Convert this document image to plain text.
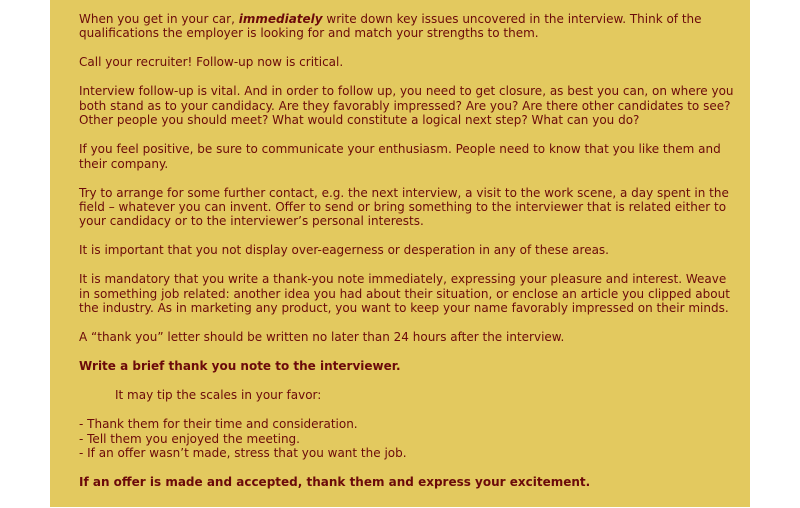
When you get in your car, immediately write down key issues uncovered in the interview. Think of the qualifications the employer is looking for and match your strengths to them.

Call your recruiter! Follow-up now is critical.

Interview follow-up is vital. And in order to follow up, you need to get closure, as best you can, on where you both stand as to your candidacy. Are they favorably impressed? Are you? Are there other candidates to see? Other people you should meet? What would constitute a logical next step? What can you do?

If you feel positive, be sure to communicate your enthusiasm. People need to know that you like them and their company.

Try to arrange for some further contact, e.g. the next interview, a visit to the work scene, a day spent in the field – whatever you can invent. Offer to send or bring something to the interviewer that is related either to your candidacy or to the interviewer’s personal interests.

It is important that you not display over-eagerness or desperation in any of these areas.

It is mandatory that you write a thank-you note immediately, expressing your pleasure and interest. Weave in something job related: another idea you had about their situation, or enclose an article you clipped about the industry. As in marketing any product, you want to keep your name favorably impressed on their minds.

A “thank you” letter should be written no later than 24 hours after the interview.

Write a brief thank you note to the interviewer.

It may tip the scales in your favor:

- Thank them for their time and consideration.
- Tell them you enjoyed the meeting.
- If an offer wasn’t made, stress that you want the job.

If an offer is made and accepted, thank them and express your excitement.
